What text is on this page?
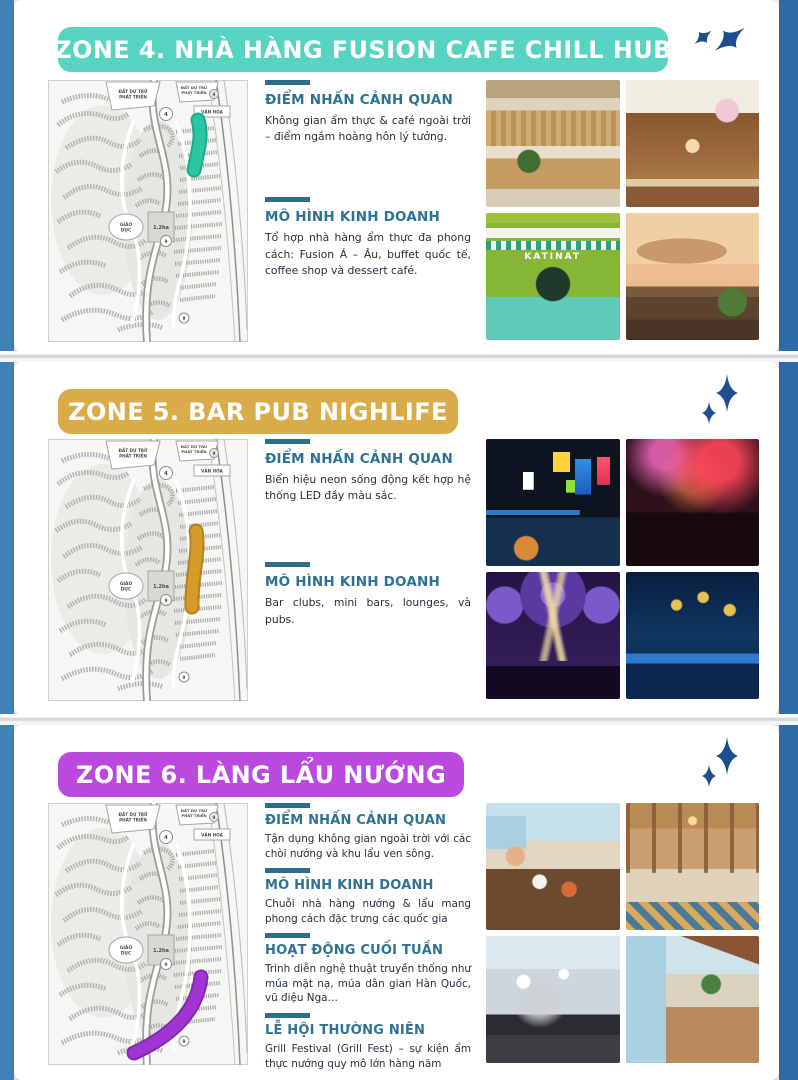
ZONE 4. NHÀ HÀNG FUSION CAFE CHILL HUB
ĐIỂM NHẤN CẢNH QUAN

Không gian ẩm thực & café ngoài trời – điểm ngắm hoàng hôn lý tưởng.

MÔ HÌNH KINH DOANH

Tổ hợp nhà hàng ẩm thực đa phong cách: Fusion Á – Âu, buffet quốc tế, coffee shop và dessert café.

KATINAT
ZONE 5. BAR PUB NIGHLIFE
ĐIỂM NHẤN CẢNH QUAN

Biển hiệu neon sống động kết hợp hệ thống LED đầy màu sắc.

MÔ HÌNH KINH DOANH

Bar clubs, mini bars, lounges, và pubs.

ZONE 6. LÀNG LẨU NƯỚNG
ĐIỂM NHẤN CẢNH QUAN

Tận dụng không gian ngoài trời với các chòi nướng và khu lẩu ven sông.

MÔ HÌNH KINH DOANH

Chuỗi nhà hàng nướng & lẩu mang phong cách đặc trưng các quốc gia

HOẠT ĐỘNG CUỐI TUẦN

Trình diễn nghệ thuật truyền thống như múa mặt nạ, múa dân gian Hàn Quốc, vũ điệu Nga…

LỄ HỘI THƯỜNG NIÊN

Grill Festival (Grill Fest) – sự kiện ẩm thực nướng quy mô lớn hàng năm
